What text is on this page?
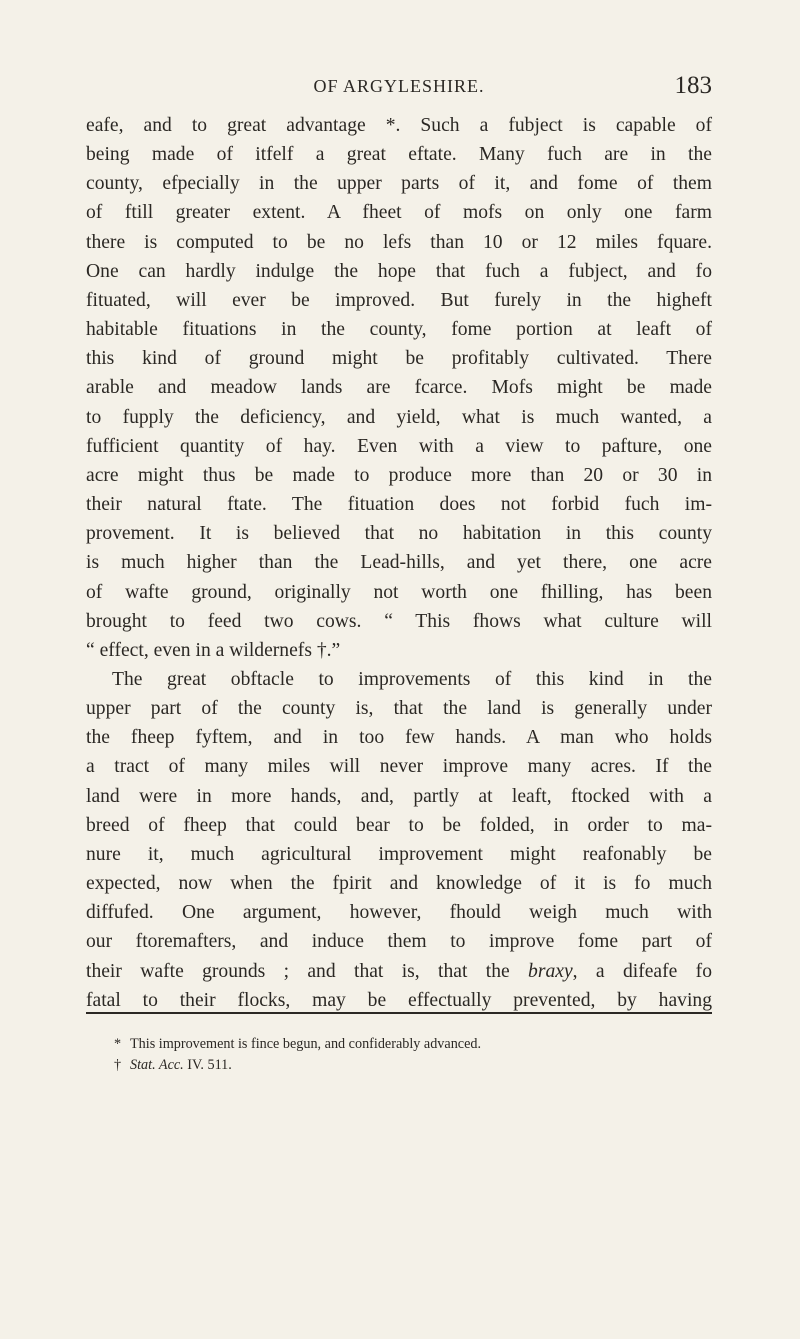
OF ARGYLESHIRE.	183
eafe, and to great advantage *. Such a fubject is capable of
being made of itfelf a great eftate. Many fuch are in the
county, efpecially in the upper parts of it, and fome of them
of ftill greater extent. A fheet of mofs on only one farm
there is computed to be no lefs than 10 or 12 miles fquare.
One can hardly indulge the hope that fuch a fubject, and fo
fituated, will ever be improved. But furely in the higheft
habitable fituations in the county, fome portion at leaft of
this kind of ground might be profitably cultivated. There
arable and meadow lands are fcarce. Mofs might be made
to fupply the deficiency, and yield, what is much wanted, a
fufficient quantity of hay. Even with a view to pafture, one
acre might thus be made to produce more than 20 or 30 in
their natural ftate. The fituation does not forbid fuch im-
provement. It is believed that no habitation in this county
is much higher than the Lead-hills, and yet there, one acre
of wafte ground, originally not worth one fhilling, has been
brought to feed two cows. “ This fhows what culture will
“ effect, even in a wildernefs †.”
The great obftacle to improvements of this kind in the
upper part of the county is, that the land is generally under
the fheep fyftem, and in too few hands. A man who holds
a tract of many miles will never improve many acres. If the
land were in more hands, and, partly at leaft, ftocked with a
breed of fheep that could bear to be folded, in order to ma-
nure it, much agricultural improvement might reafonably be
expected, now when the fpirit and knowledge of it is fo much
diffufed. One argument, however, fhould weigh much with
our ftoremafters, and induce them to improve fome part of
their wafte grounds ; and that is, that the braxy, a difeafe fo
fatal to their flocks, may be effectually prevented, by having
* This improvement is fince begun, and confiderably advanced.
† Stat. Acc. IV. 511.
